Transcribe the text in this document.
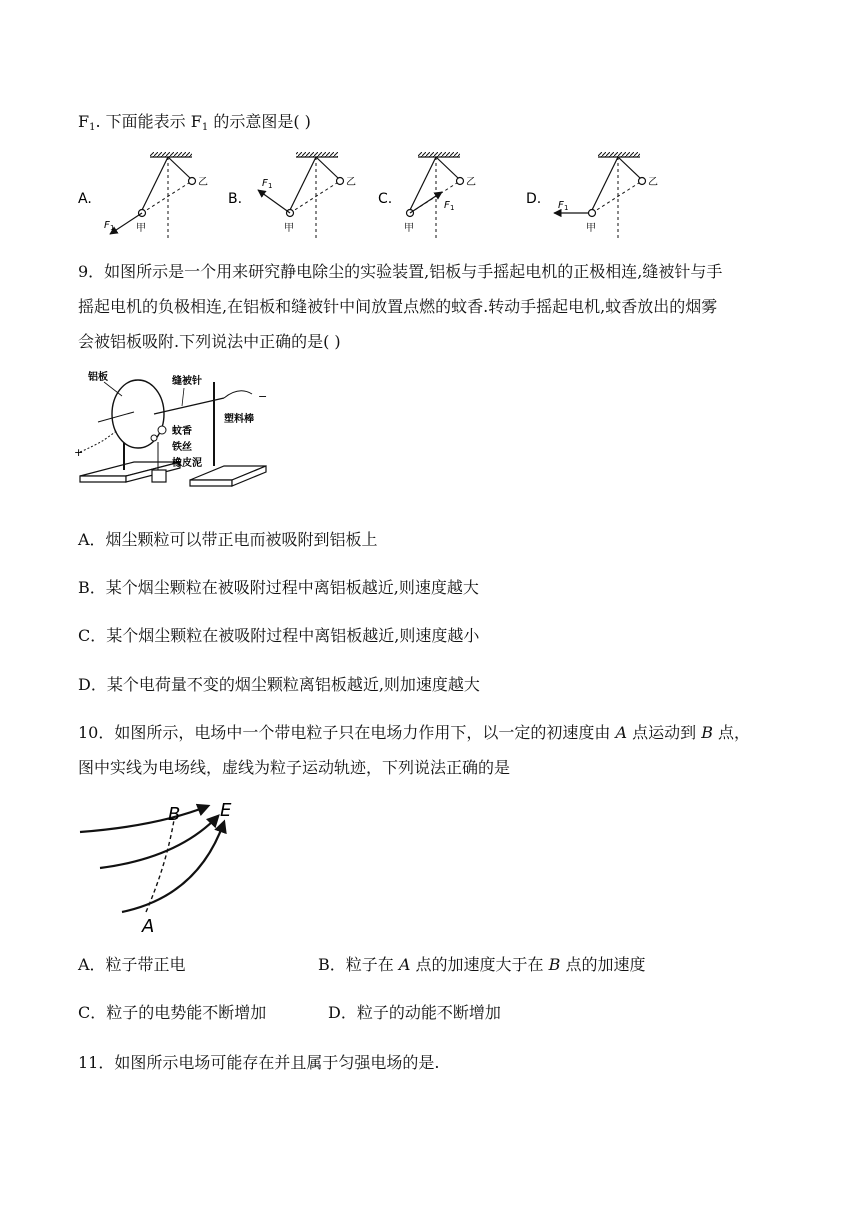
$F_1$. 下面能表示 $F_1$ 的示意图是( )
A.
F 1 甲
乙
B.
F 1
甲
乙
C.	F 1
甲
乙
D. F 1
甲
乙
9．如图所示是一个用来研究静电除尘的实验装置,铝板与手摇起电机的正极相连,缝被针与手
摇起电机的负极相连,在铝板和缝被针中间放置点燃的蚊香.转动手摇起电机,蚊香放出的烟雾
会被铝板吸附.下列说法中正确的是( )
+
铝板
蚊香
铁丝
橡皮泥
缝被针
−
塑料棒
A．烟尘颗粒可以带正电而被吸附到铝板上
B．某个烟尘颗粒在被吸附过程中离铝板越近,则速度越大
C．某个烟尘颗粒在被吸附过程中离铝板越近,则速度越小
D．某个电荷量不变的烟尘颗粒离铝板越近,则加速度越大
10．如图所示，电场中一个带电粒子只在电场力作用下，以一定的初速度由 A 点运动到 B 点，
图中实线为电场线，虚线为粒子运动轨迹，下列说法正确的是
A
B E
A．粒子带正电	B．粒子在 A 点的加速度大于在 B 点的加速度
C．粒子的电势能不断增加	D．粒子的动能不断增加
11．如图所示电场可能存在并且属于匀强电场的是.
